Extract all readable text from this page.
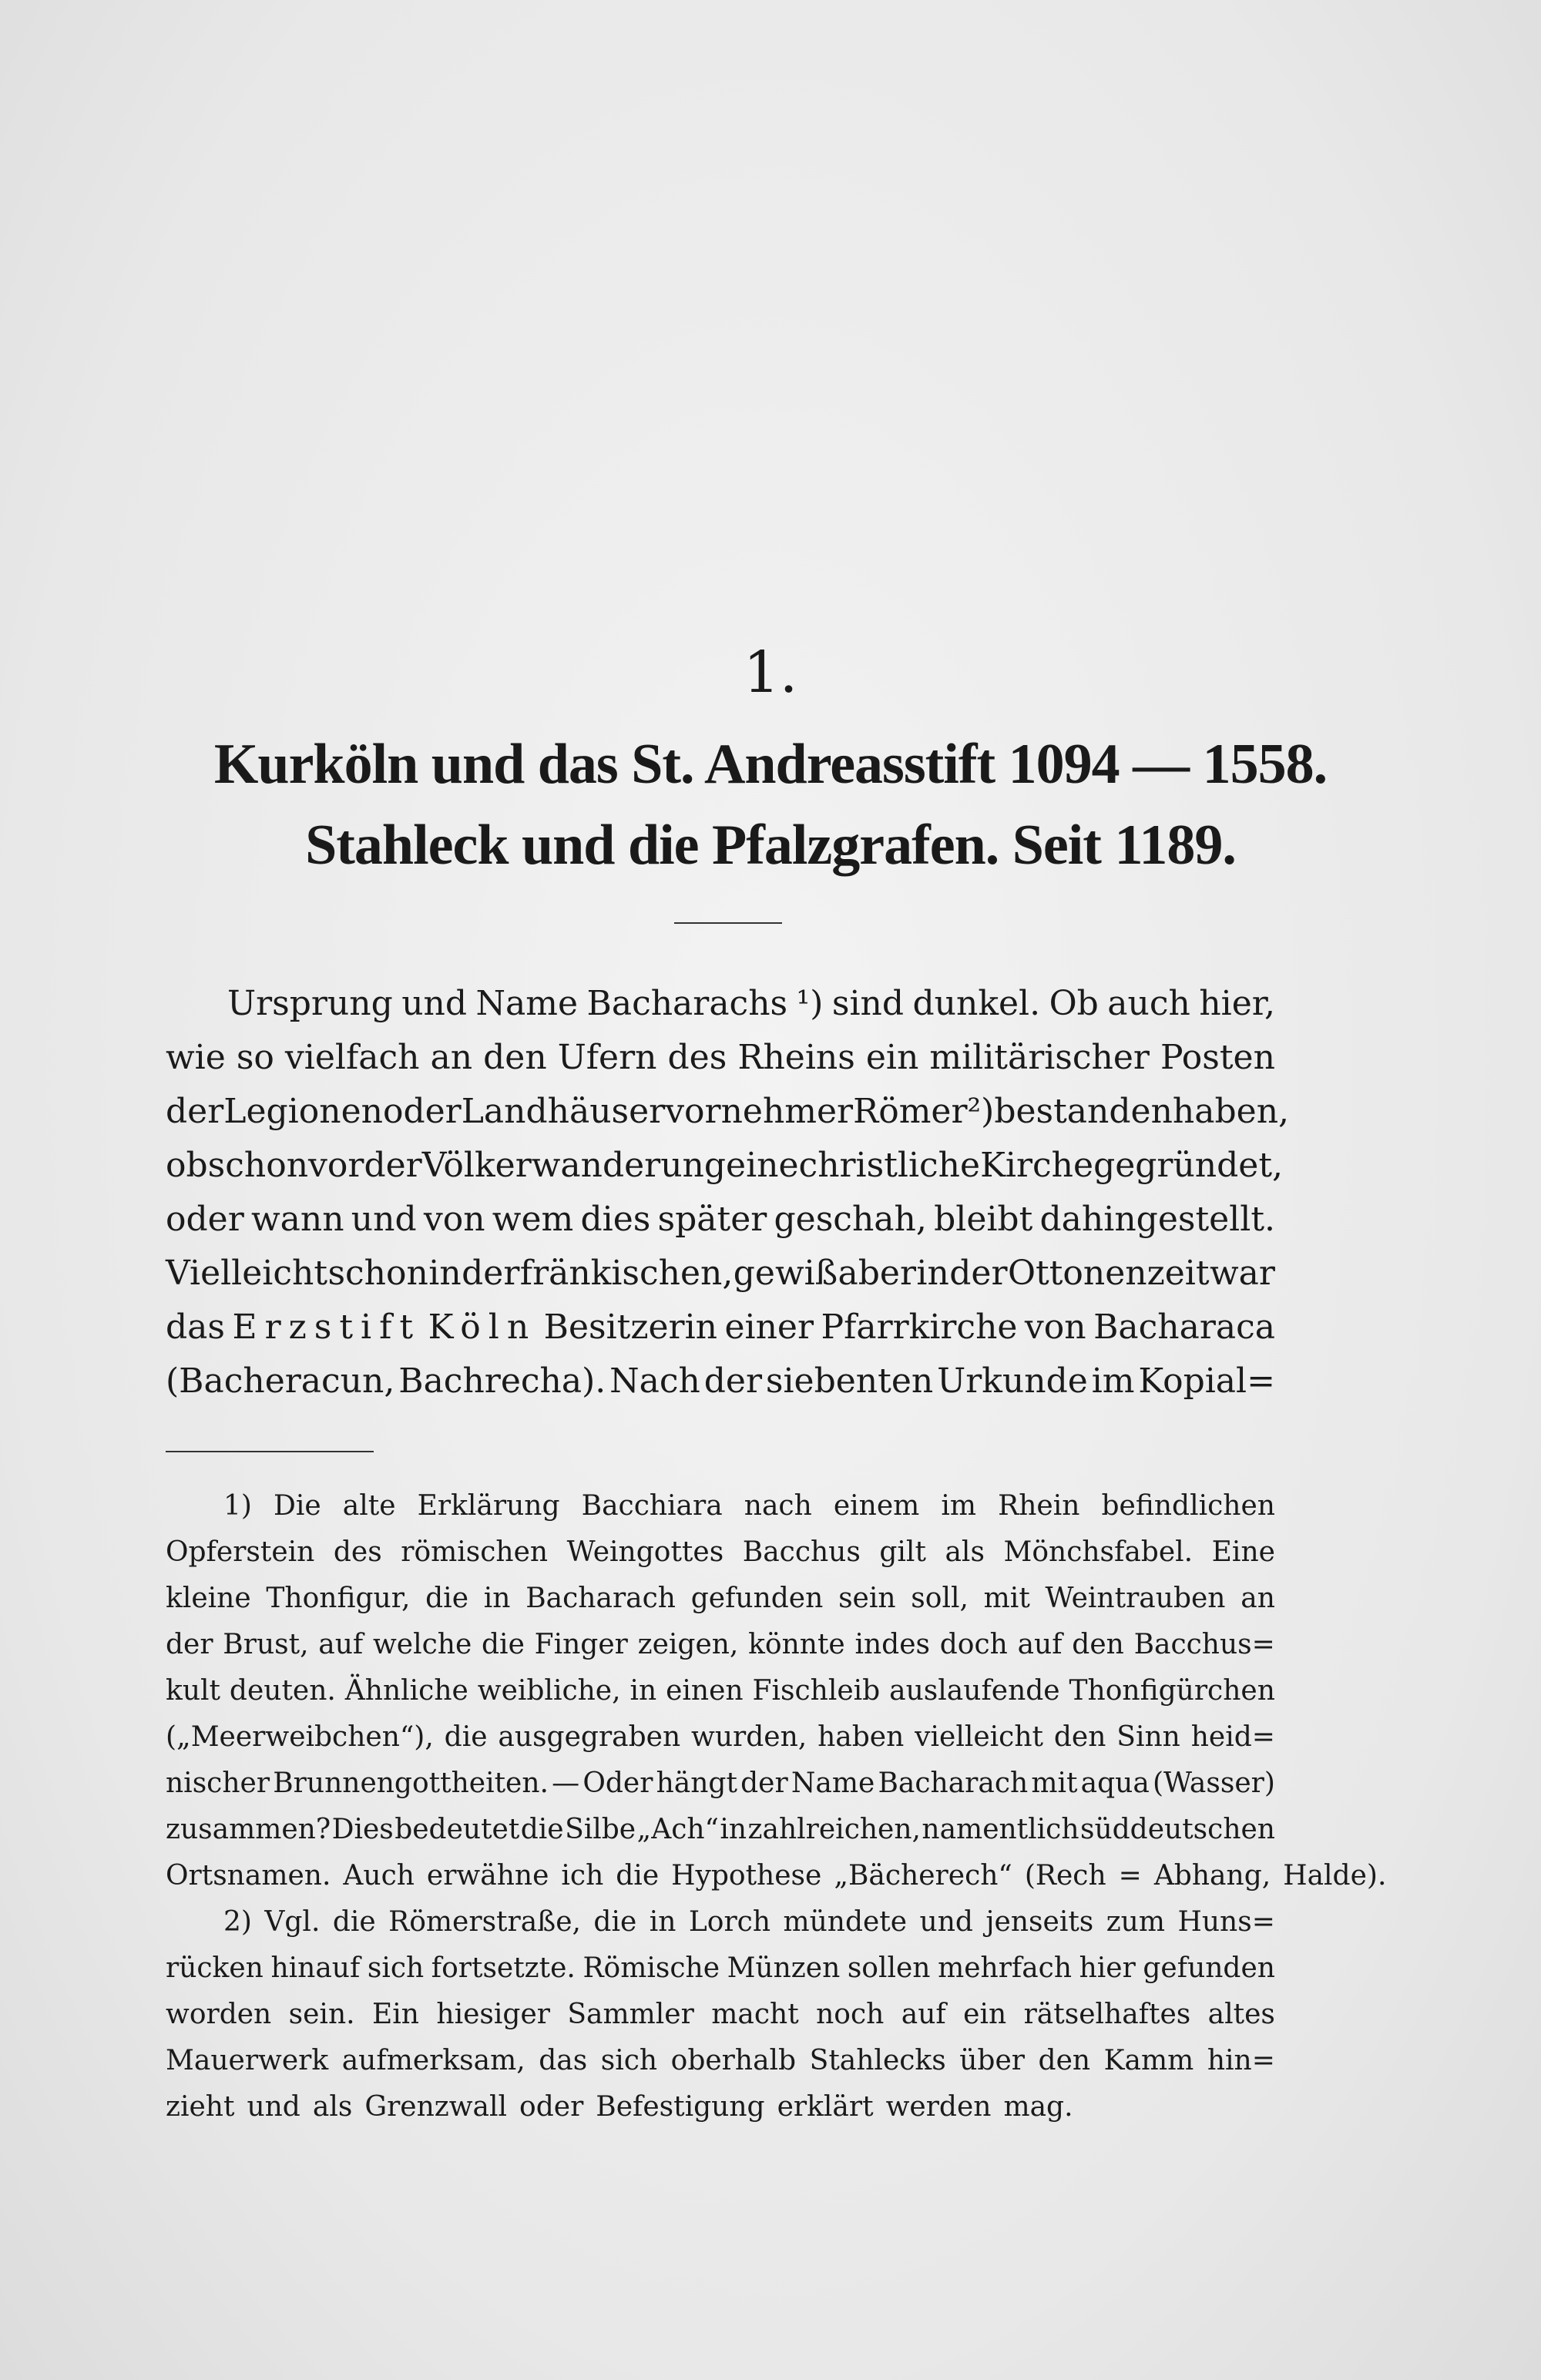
1.
Kurköln und das St. Andreasstift 1094 — 1558.
Stahleck und die Pfalzgrafen. Seit 1189.
Ursprung und Name Bacharachs ¹) sind dunkel. Ob auch hier,
wie so vielfach an den Ufern des Rheins ein militärischer Posten
der Legionen oder Landhäuser vornehmer Römer ²) bestanden haben,
ob schon vor der Völkerwanderung eine christliche Kirche gegründet,
oder wann und von wem dies später geschah, bleibt dahingestellt.
Vielleicht schon in der fränkischen, gewiß aber in der Ottonenzeit war
das Erzstift Köln Besitzerin einer Pfarrkirche von Bacharaca
(Bacheracun, Bachrecha). Nach der siebenten Urkunde im Kopial=
1) Die alte Erklärung Bacchiara nach einem im Rhein befindlichen
Opferstein des römischen Weingottes Bacchus gilt als Mönchsfabel. Eine
kleine Thonfigur, die in Bacharach gefunden sein soll, mit Weintrauben an
der Brust, auf welche die Finger zeigen, könnte indes doch auf den Bacchus=
kult deuten. Ähnliche weibliche, in einen Fischleib auslaufende Thonfigürchen
(„Meerweibchen“), die ausgegraben wurden, haben vielleicht den Sinn heid=
nischer Brunnengottheiten. — Oder hängt der Name Bacharach mit aqua (Wasser)
zusammen? Dies bedeutet die Silbe „Ach“ in zahlreichen, namentlich süddeutschen
Ortsnamen. Auch erwähne ich die Hypothese „Bächerech“ (Rech = Abhang, Halde).
2) Vgl. die Römerstraße, die in Lorch mündete und jenseits zum Huns=
rücken hinauf sich fortsetzte. Römische Münzen sollen mehrfach hier gefunden
worden sein. Ein hiesiger Sammler macht noch auf ein rätselhaftes altes
Mauerwerk aufmerksam, das sich oberhalb Stahlecks über den Kamm hin=
zieht und als Grenzwall oder Befestigung erklärt werden mag.
